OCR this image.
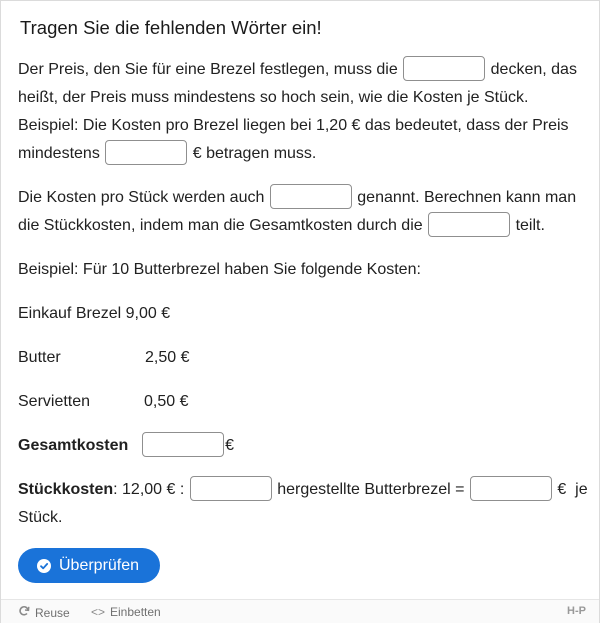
Tragen Sie die fehlenden Wörter ein!
Der Preis, den Sie für eine Brezel festlegen, muss die	decken, das
heißt, der Preis muss mindestens so hoch sein, wie die Kosten je Stück.
Beispiel: Die Kosten pro Brezel liegen bei 1,20 € das bedeutet, dass der Preis
mindestens	€ betragen muss.
Die Kosten pro Stück werden auch	genannt. Berechnen kann man
die Stückkosten, indem man die Gesamtkosten durch die	teilt.
Beispiel: Für 10 Butterbrezel haben Sie folgende Kosten:
Einkauf Brezel 9,00 €
Butter	2,50 €
Servietten	0,50 €
Gesamtkosten	€
Stückkosten: 12,00 € :	hergestellte Butterbrezel =	€  je
Stück.
Überprüfen
Reuse <> Einbetten	H-P
